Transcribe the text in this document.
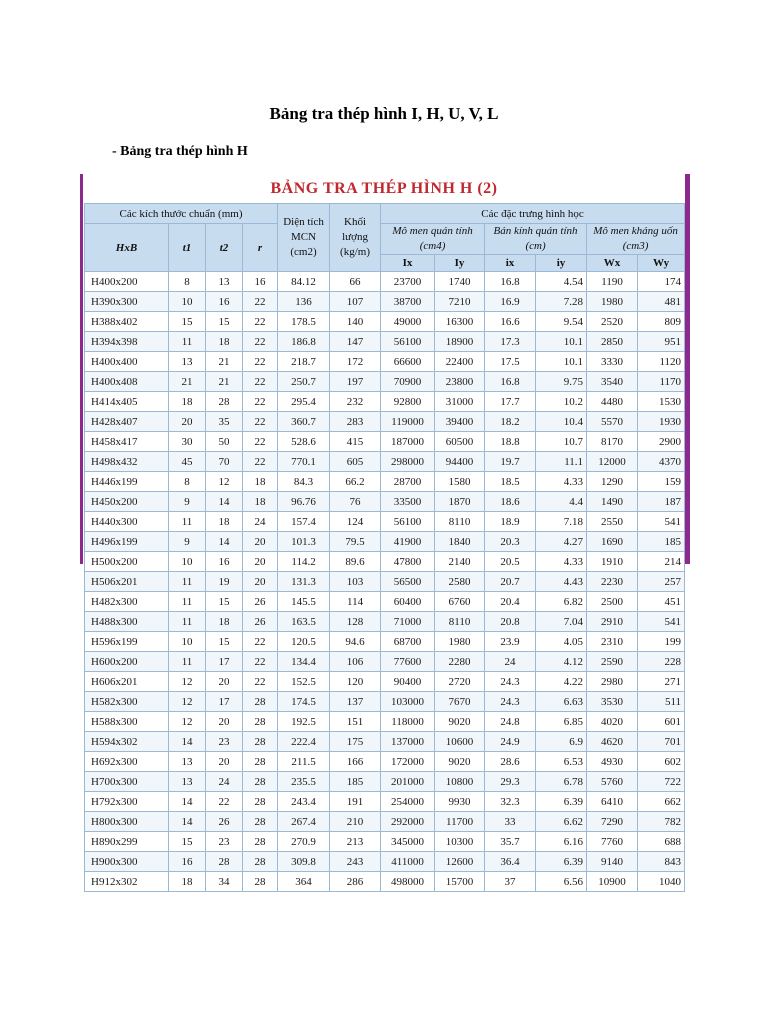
Bảng tra thép hình I, H, U, V, L
- Bảng tra thép hình H
BẢNG TRA THÉP HÌNH H (2)
Các kích thước chuẩn (mm)				Diện tích MCN (cm2)	Khối lượng (kg/m)	Các đặc trưng hình học					
HxB	t1	t2	r			Mô men quán tính (cm4)		Bán kính quán tính (cm)		Mô men kháng uốn (cm3)	
						Ix	Iy	ix	iy	Wx	Wy
H400x200	8	13	16	84.12	66	23700	1740	16.8	4.54	1190	174
H390x300	10	16	22	136	107	38700	7210	16.9	7.28	1980	481
H388x402	15	15	22	178.5	140	49000	16300	16.6	9.54	2520	809
H394x398	11	18	22	186.8	147	56100	18900	17.3	10.1	2850	951
H400x400	13	21	22	218.7	172	66600	22400	17.5	10.1	3330	1120
H400x408	21	21	22	250.7	197	70900	23800	16.8	9.75	3540	1170
H414x405	18	28	22	295.4	232	92800	31000	17.7	10.2	4480	1530
H428x407	20	35	22	360.7	283	119000	39400	18.2	10.4	5570	1930
H458x417	30	50	22	528.6	415	187000	60500	18.8	10.7	8170	2900
H498x432	45	70	22	770.1	605	298000	94400	19.7	11.1	12000	4370
H446x199	8	12	18	84.3	66.2	28700	1580	18.5	4.33	1290	159
H450x200	9	14	18	96.76	76	33500	1870	18.6	4.4	1490	187
H440x300	11	18	24	157.4	124	56100	8110	18.9	7.18	2550	541
H496x199	9	14	20	101.3	79.5	41900	1840	20.3	4.27	1690	185
H500x200	10	16	20	114.2	89.6	47800	2140	20.5	4.33	1910	214
H506x201	11	19	20	131.3	103	56500	2580	20.7	4.43	2230	257
H482x300	11	15	26	145.5	114	60400	6760	20.4	6.82	2500	451
H488x300	11	18	26	163.5	128	71000	8110	20.8	7.04	2910	541
H596x199	10	15	22	120.5	94.6	68700	1980	23.9	4.05	2310	199
H600x200	11	17	22	134.4	106	77600	2280	24	4.12	2590	228
H606x201	12	20	22	152.5	120	90400	2720	24.3	4.22	2980	271
H582x300	12	17	28	174.5	137	103000	7670	24.3	6.63	3530	511
H588x300	12	20	28	192.5	151	118000	9020	24.8	6.85	4020	601
H594x302	14	23	28	222.4	175	137000	10600	24.9	6.9	4620	701
H692x300	13	20	28	211.5	166	172000	9020	28.6	6.53	4930	602
H700x300	13	24	28	235.5	185	201000	10800	29.3	6.78	5760	722
H792x300	14	22	28	243.4	191	254000	9930	32.3	6.39	6410	662
H800x300	14	26	28	267.4	210	292000	11700	33	6.62	7290	782
H890x299	15	23	28	270.9	213	345000	10300	35.7	6.16	7760	688
H900x300	16	28	28	309.8	243	411000	12600	36.4	6.39	9140	843
H912x302	18	34	28	364	286	498000	15700	37	6.56	10900	1040
